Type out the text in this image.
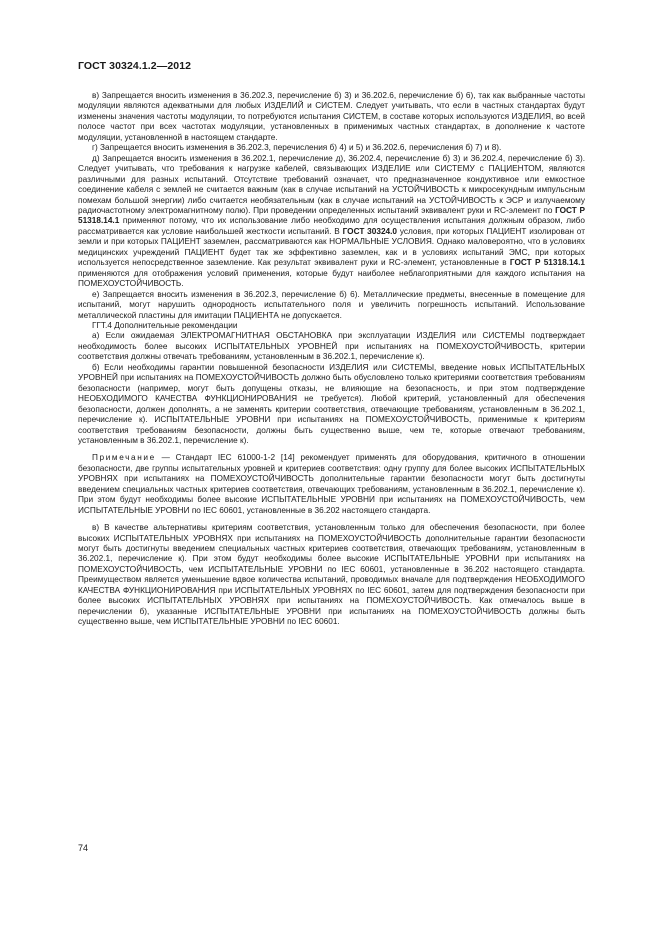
ГОСТ 30324.1.2—2012

в) Запрещается вносить изменения в 36.202.3, перечисление б) 3) и 36.202.6, перечисление б) 6), так как выбранные частоты модуляции являются адекватными для любых ИЗДЕЛИЙ и СИСТЕМ. Следует учитывать, что если в частных стандартах будут изменены значения частоты модуляции, то потребуются испытания СИСТЕМ, в составе которых используются ИЗДЕЛИЯ, во всей полосе частот при всех частотах модуляции, установленных в применимых частных стандартах, в дополнение к частоте модуляции, установленной в настоящем стандарте.

г) Запрещается вносить изменения в 36.202.3, перечисления б) 4) и 5) и 36.202.6, перечисления б) 7) и 8).

д) Запрещается вносить изменения в 36.202.1, перечисление д), 36.202.4, перечисление б) 3) и 36.202.4, перечисление б) 3). Следует учитывать, что требования к нагрузке кабелей, связывающих ИЗДЕЛИЕ или СИСТЕМУ с ПАЦИЕНТОМ, являются различными для разных испытаний. Отсутствие требований означает, что предназначенное кондуктивное или емкостное соединение кабеля с землей не считается важным (как в случае испытаний на УСТОЙЧИВОСТЬ к микросекундным импульсным помехам большой энергии) либо считается необязательным (как в случае испытаний на УСТОЙЧИВОСТЬ к ЭСР и излучаемому радиочастотному электромагнитному полю). При проведении определенных испытаний эквивалент руки и RC-элемент по ГОСТ Р 51318.14.1 применяют потому, что их использование либо необходимо для осуществления испытания должным образом, либо рассматривается как условие наибольшей жесткости испытаний. В ГОСТ 30324.0 условия, при которых ПАЦИЕНТ изолирован от земли и при которых ПАЦИЕНТ заземлен, рассматриваются как НОРМАЛЬНЫЕ УСЛОВИЯ. Однако маловероятно, что в условиях медицинских учреждений ПАЦИЕНТ будет так же эффективно заземлен, как и в условиях испытаний ЭМС, при которых используется непосредственное заземление. Как результат эквивалент руки и RC-элемент, установленные в ГОСТ Р 51318.14.1 применяются для отображения условий применения, которые будут наиболее неблагоприятными для каждого испытания на ПОМЕХОУСТОЙЧИВОСТЬ.

е) Запрещается вносить изменения в 36.202.3, перечисление б) 6). Металлические предметы, внесенные в помещение для испытаний, могут нарушить однородность испытательного поля и увеличить погрешность испытаний. Использование металлической пластины для имитации ПАЦИЕНТА не допускается.

ГГТ.4 Дополнительные рекомендации

а) Если ожидаемая ЭЛЕКТРОМАГНИТНАЯ ОБСТАНОВКА при эксплуатации ИЗДЕЛИЯ или СИСТЕМЫ подтверждает необходимость более высоких ИСПЫТАТЕЛЬНЫХ УРОВНЕЙ при испытаниях на ПОМЕХОУСТОЙЧИВОСТЬ, критерии соответствия должны отвечать требованиям, установленным в 36.202.1, перечисление к).

б) Если необходимы гарантии повышенной безопасности ИЗДЕЛИЯ или СИСТЕМЫ, введение новых ИСПЫТАТЕЛЬНЫХ УРОВНЕЙ при испытаниях на ПОМЕХОУСТОЙЧИВОСТЬ должно быть обусловлено только критериями соответствия требованиям безопасности (например, могут быть допущены отказы, не влияющие на безопасность, и при этом подтверждение НЕОБХОДИМОГО КАЧЕСТВА ФУНКЦИОНИРОВАНИЯ не требуется). Любой критерий, установленный для обеспечения безопасности, должен дополнять, а не заменять критерии соответствия, отвечающие требованиям, установленным в 36.202.1, перечисление к). ИСПЫТАТЕЛЬНЫЕ УРОВНИ при испытаниях на ПОМЕХОУСТОЙЧИВОСТЬ, применимые к критериям соответствия требованиям безопасности, должны быть существенно выше, чем те, которые отвечают требованиям, установленным в 36.202.1, перечисление к).

Примечание — Стандарт IEC 61000-1-2 [14] рекомендует применять для оборудования, критичного в отношении безопасности, две группы испытательных уровней и критериев соответствия: одну группу для более высоких ИСПЫТАТЕЛЬНЫХ УРОВНЯХ при испытаниях на ПОМЕХОУСТОЙЧИВОСТЬ дополнительные гарантии безопасности могут быть достигнуты введением специальных частных критериев соответствия, отвечающих требованиям, установленным в 36.202.1, перечисление к). При этом будут необходимы более высокие ИСПЫТАТЕЛЬНЫЕ УРОВНИ при испытаниях на ПОМЕХОУСТОЙЧИВОСТЬ, чем ИСПЫТАТЕЛЬНЫЕ УРОВНИ по IEC 60601, установленные в 36.202 настоящего стандарта.

в) В качестве альтернативы критериям соответствия, установленным только для обеспечения безопасности, при более высоких ИСПЫТАТЕЛЬНЫХ УРОВНЯХ при испытаниях на ПОМЕХОУСТОЙЧИВОСТЬ дополнительные гарантии безопасности могут быть достигнуты введением специальных частных критериев соответствия, отвечающих требованиям, установленным в 36.202.1, перечисление к). При этом будут необходимы более высокие ИСПЫТАТЕЛЬНЫЕ УРОВНИ при испытаниях на ПОМЕХОУСТОЙЧИВОСТЬ, чем ИСПЫТАТЕЛЬНЫЕ УРОВНИ по IEC 60601, установленные в 36.202 настоящего стандарта. Преимуществом является уменьшение вдвое количества испытаний, проводимых вначале для подтверждения НЕОБХОДИМОГО КАЧЕСТВА ФУНКЦИОНИРОВАНИЯ при ИСПЫТАТЕЛЬНЫХ УРОВНЯХ по IEC 60601, затем для подтверждения безопасности при более высоких ИСПЫТАТЕЛЬНЫХ УРОВНЯХ при испытаниях на ПОМЕХОУСТОЙЧИВОСТЬ. Как отмечалось выше в перечислении б), указанные ИСПЫТАТЕЛЬНЫЕ УРОВНИ при испытаниях на ПОМЕХОУСТОЙЧИВОСТЬ должны быть существенно выше, чем ИСПЫТАТЕЛЬНЫЕ УРОВНИ по IEC 60601.

74
